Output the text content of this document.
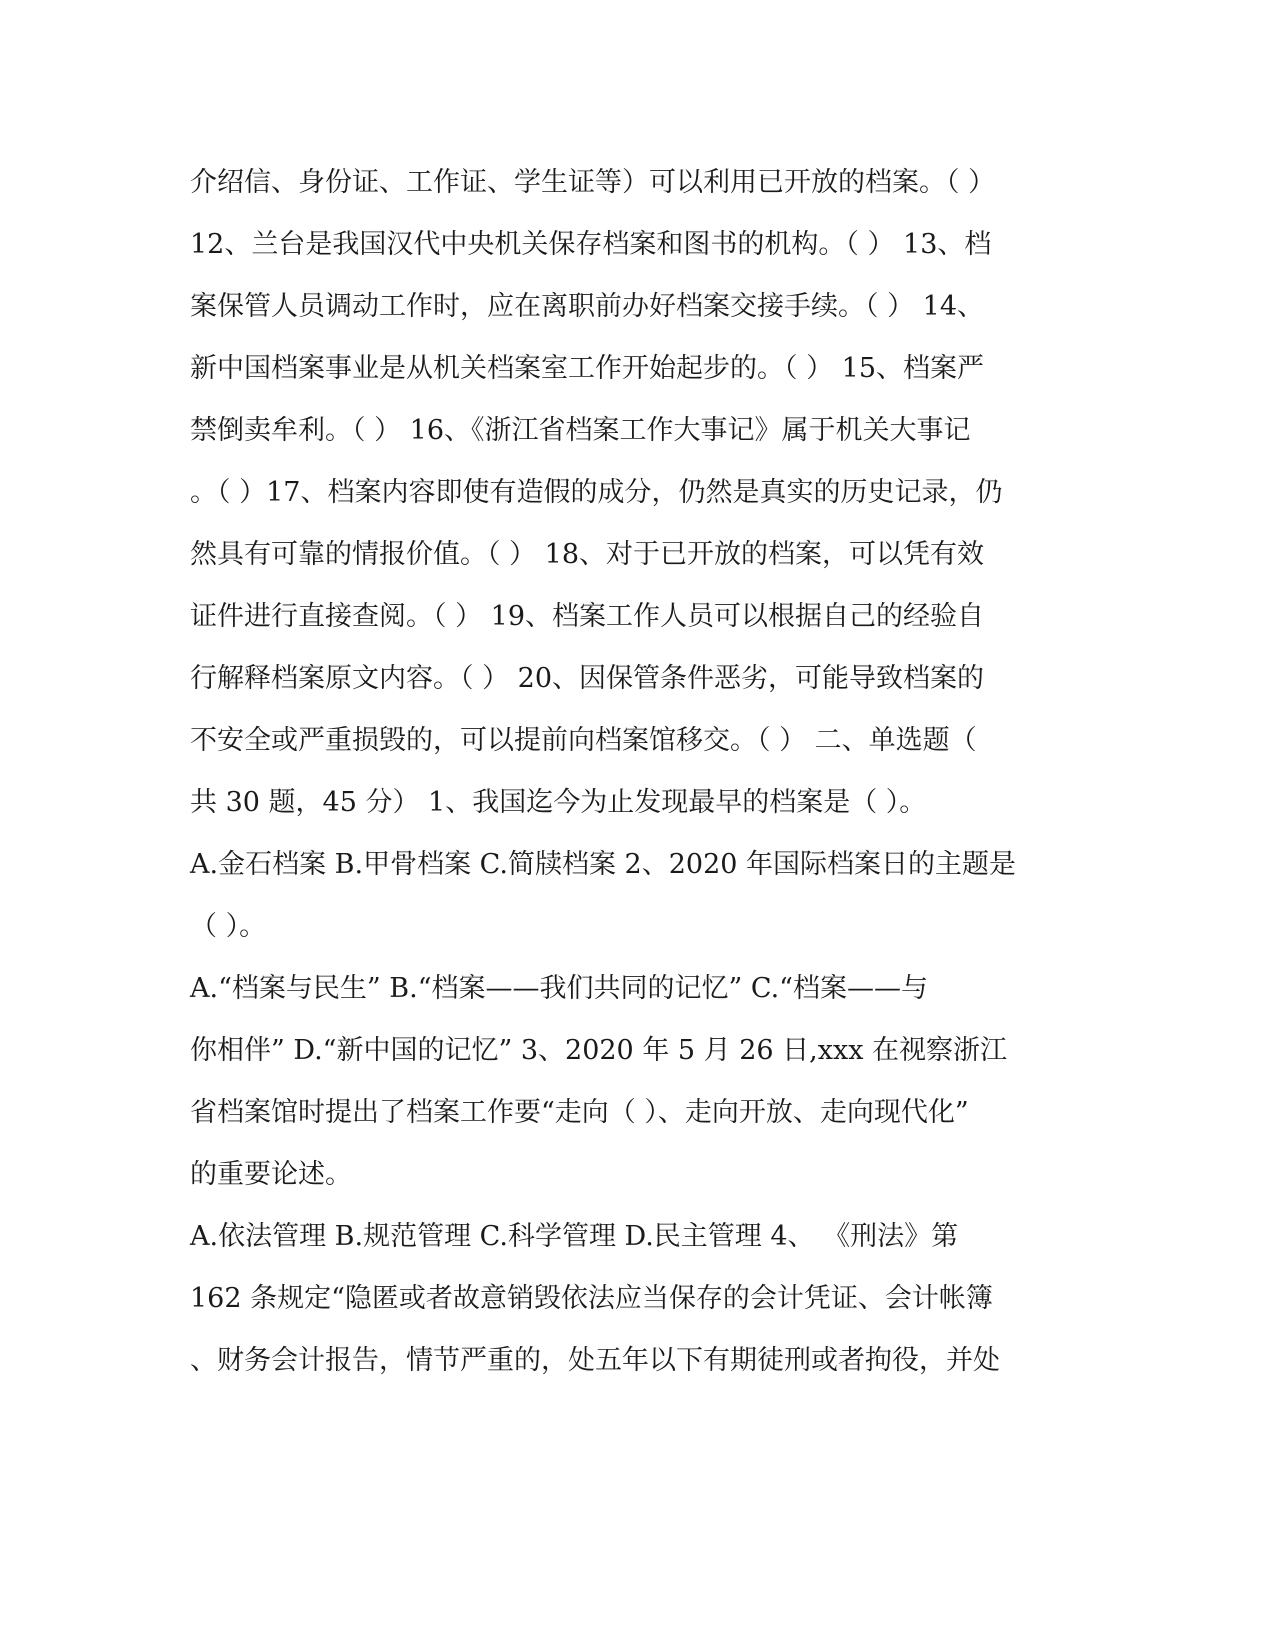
介绍信、身份证、工作证、学生证等）可以利用已开放的档案。（ ）
12、兰台是我国汉代中央机关保存档案和图书的机构。（ ） 13、档
案保管人员调动工作时，应在离职前办好档案交接手续。（ ） 14、
新中国档案事业是从机关档案室工作开始起步的。（ ） 15、档案严
禁倒卖牟利。（ ） 16、《浙江省档案工作大事记》属于机关大事记
。（ ）17、档案内容即使有造假的成分，仍然是真实的历史记录，仍
然具有可靠的情报价值。（ ） 18、对于已开放的档案，可以凭有效
证件进行直接查阅。（ ） 19、档案工作人员可以根据自己的经验自
行解释档案原文内容。（ ） 20、因保管条件恶劣，可能导致档案的
不安全或严重损毁的，可以提前向档案馆移交。（ ） 二、单选题（
共 30 题，45 分） 1、我国迄今为止发现最早的档案是（ ）。
A.金石档案 B.甲骨档案 C.简牍档案 2、2020 年国际档案日的主题是
（ ）。
A.“档案与民生” B.“档案——我们共同的记忆” C.“档案——与
你相伴” D.“新中国的记忆” 3、2020 年 5 月 26 日,xxx 在视察浙江
省档案馆时提出了档案工作要“走向（ ）、走向开放、走向现代化”
的重要论述。
A.依法管理 B.规范管理 C.科学管理 D.民主管理 4、 《刑法》第
162 条规定“隐匿或者故意销毁依法应当保存的会计凭证、会计帐簿
、财务会计报告，情节严重的，处五年以下有期徒刑或者拘役，并处
